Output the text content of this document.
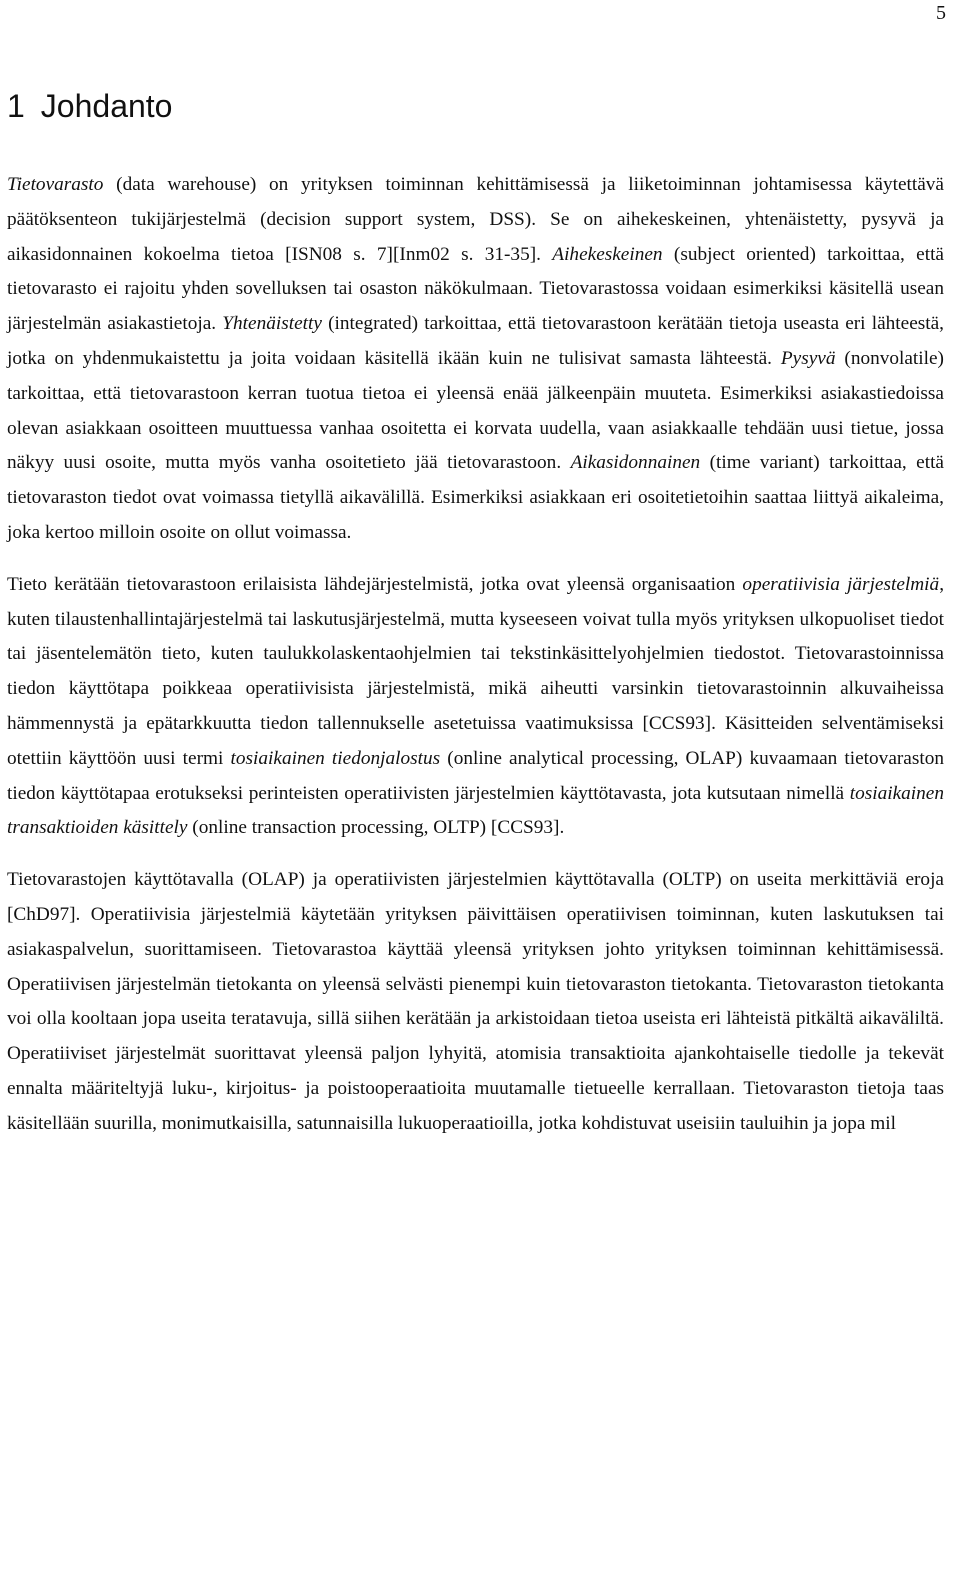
5
1 Johdanto

Tietovarasto (data warehouse) on yrityksen toiminnan kehittämisessä ja liiketoiminnan johtamisessa käytettävä päätöksenteon tukijärjestelmä (decision support system, DSS). Se on aihekeskeinen, yhtenäistetty, pysyvä ja aikasidonnainen kokoelma tietoa [ISN08 s. 7][Inm02 s. 31-35]. Aihekeskeinen (subject oriented) tarkoittaa, että tietovarasto ei rajoitu yhden sovelluksen tai osaston näkökulmaan. Tietovarastossa voidaan esimerkiksi käsitellä usean järjestelmän asiakastietoja. Yhtenäistetty (integrated) tarkoittaa, että tietovarastoon kerätään tietoja useasta eri lähteestä, jotka on yhdenmukaistettu ja joita voidaan käsitellä ikään kuin ne tulisivat samasta lähteestä. Pysyvä (nonvolatile) tarkoittaa, että tietovarastoon kerran tuotua tietoa ei yleensä enää jälkeenpäin muuteta. Esimerkiksi asiakastiedoissa olevan asiakkaan osoitteen muuttuessa vanhaa osoitetta ei korvata uudella, vaan asiakkaalle tehdään uusi tietue, jossa näkyy uusi osoite, mutta myös vanha osoitetieto jää tietovarastoon. Aikasidonnainen (time variant) tarkoittaa, että tietovaraston tiedot ovat voimassa tietyllä aikavälillä. Esimerkiksi asiakkaan eri osoitetietoihin saattaa liittyä aikaleima, joka kertoo milloin osoite on ollut voimassa.

Tieto kerätään tietovarastoon erilaisista lähdejärjestelmistä, jotka ovat yleensä organisaation operatiivisia järjestelmiä, kuten tilaustenhallintajärjestelmä tai laskutusjärjestelmä, mutta kyseeseen voivat tulla myös yrityksen ulkopuoliset tiedot tai jäsentelemätön tieto, kuten taulukkolaskentaohjelmien tai tekstinkäsittelyohjelmien tiedostot. Tietovarastoinnissa tiedon käyttötapa poikkeaa operatiivisista järjestelmistä, mikä aiheutti varsinkin tietovarastoinnin alkuvaiheissa hämmennystä ja epätarkkuutta tiedon tallennukselle asetetuissa vaatimuksissa [CCS93]. Käsitteiden selventämiseksi otettiin käyttöön uusi termi tosiaikainen tiedonjalostus (online analytical processing, OLAP) kuvaamaan tietovaraston tiedon käyttötapaa erotukseksi perinteisten operatiivisten järjestelmien käyttötavasta, jota kutsutaan nimellä tosiaikainen transaktioiden käsittely (online transaction processing, OLTP) [CCS93].

Tietovarastojen käyttötavalla (OLAP) ja operatiivisten järjestelmien käyttötavalla (OLTP) on useita merkittäviä eroja [ChD97]. Operatiivisia järjestelmiä käytetään yrityksen päivittäisen operatiivisen toiminnan, kuten laskutuksen tai asiakaspalvelun, suorittamiseen. Tietovarastoa käyttää yleensä yrityksen johto yrityksen toiminnan kehittämisessä. Operatiivisen järjestelmän tietokanta on yleensä selvästi pienempi kuin tietovaraston tietokanta. Tietovaraston tietokanta voi olla kooltaan jopa useita teratavuja, sillä siihen kerätään ja arkistoidaan tietoa useista eri lähteistä pitkältä aikaväliltä. Operatiiviset järjestelmät suorittavat yleensä paljon lyhyitä, atomisia transaktioita ajankohtaiselle tiedolle ja tekevät ennalta määriteltyjä luku-, kirjoitus- ja poistooperaatioita muutamalle tietueelle kerrallaan. Tietovaraston tietoja taas käsitellään suurilla, monimutkaisilla, satunnaisilla lukuoperaatioilla, jotka kohdistuvat useisiin tauluihin ja jopa mil
